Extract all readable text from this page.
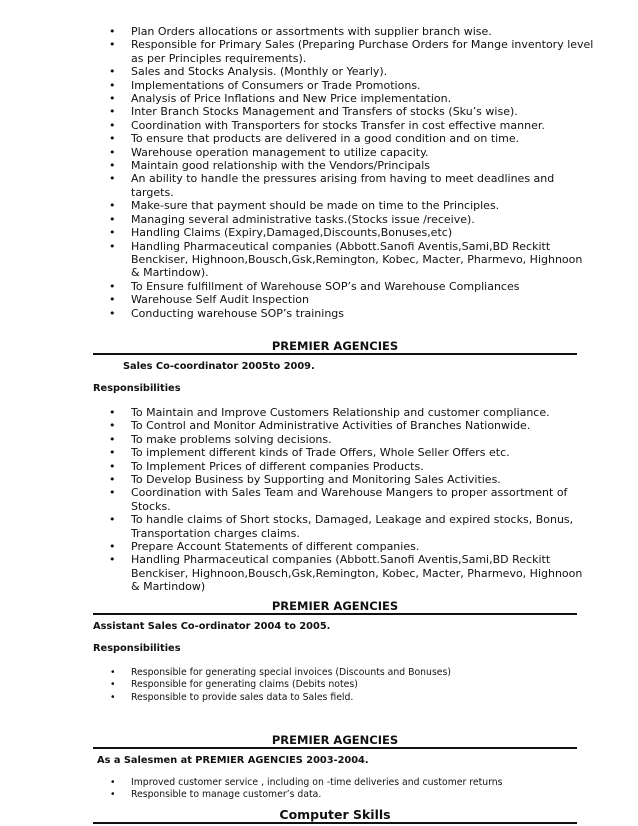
• Plan Orders allocations or assortments with supplier branch wise.
• Responsible for Primary Sales (Preparing Purchase Orders for Mange inventory level as per Principles requirements).
• Sales and Stocks Analysis. (Monthly or Yearly).
• Implementations of Consumers or Trade Promotions.
• Analysis of Price Inflations and New Price implementation.
• Inter Branch Stocks Management and Transfers of stocks (Sku’s wise).
• Coordination with Transporters for stocks Transfer in cost effective manner.
• To ensure that products are delivered in a good condition and on time.
• Warehouse operation management to utilize capacity.
• Maintain good relationship with the Vendors/Principals
• An ability to handle the pressures arising from having to meet deadlines and targets.
• Make-sure that payment should be made on time to the Principles.
• Managing several administrative tasks.(Stocks issue /receive).
• Handling Claims (Expiry,Damaged,Discounts,Bonuses,etc)
• Handling Pharmaceutical companies (Abbott.Sanofi Aventis,Sami,BD Reckitt Benckiser, Highnoon,Bousch,Gsk,Remington, Kobec, Macter, Pharmevo, Highnoon & Martindow).
• To Ensure fulfillment of Warehouse SOP’s and Warehouse Compliances
• Warehouse Self Audit Inspection
• Conducting warehouse SOP’s trainings
PREMIER AGENCIES
Sales Co-coordinator 2005to 2009.
Responsibilities
• To Maintain and Improve Customers Relationship and customer compliance.
• To Control and Monitor Administrative Activities of Branches Nationwide.
• To make problems solving decisions.
• To implement different kinds of Trade Offers, Whole Seller Offers etc.
• To Implement Prices of different companies Products.
• To Develop Business by Supporting and Monitoring Sales Activities.
• Coordination with Sales Team and Warehouse Mangers to proper assortment of Stocks.
• To handle claims of Short stocks, Damaged, Leakage and expired stocks, Bonus, Transportation charges claims.
• Prepare Account Statements of different companies.
• Handling Pharmaceutical companies (Abbott.Sanofi Aventis,Sami,BD Reckitt Benckiser, Highnoon,Bousch,Gsk,Remington, Kobec, Macter, Pharmevo, Highnoon & Martindow)
PREMIER AGENCIES
Assistant Sales Co-ordinator 2004 to 2005.
Responsibilities
• Responsible for generating special invoices (Discounts and Bonuses)
• Responsible for generating claims (Debits notes)
• Responsible to provide sales data to Sales field.
PREMIER AGENCIES
As a Salesmen at PREMIER AGENCIES 2003-2004.
• Improved customer service , including on -time deliveries and customer returns
• Responsible to manage customer’s data.
Computer Skills
